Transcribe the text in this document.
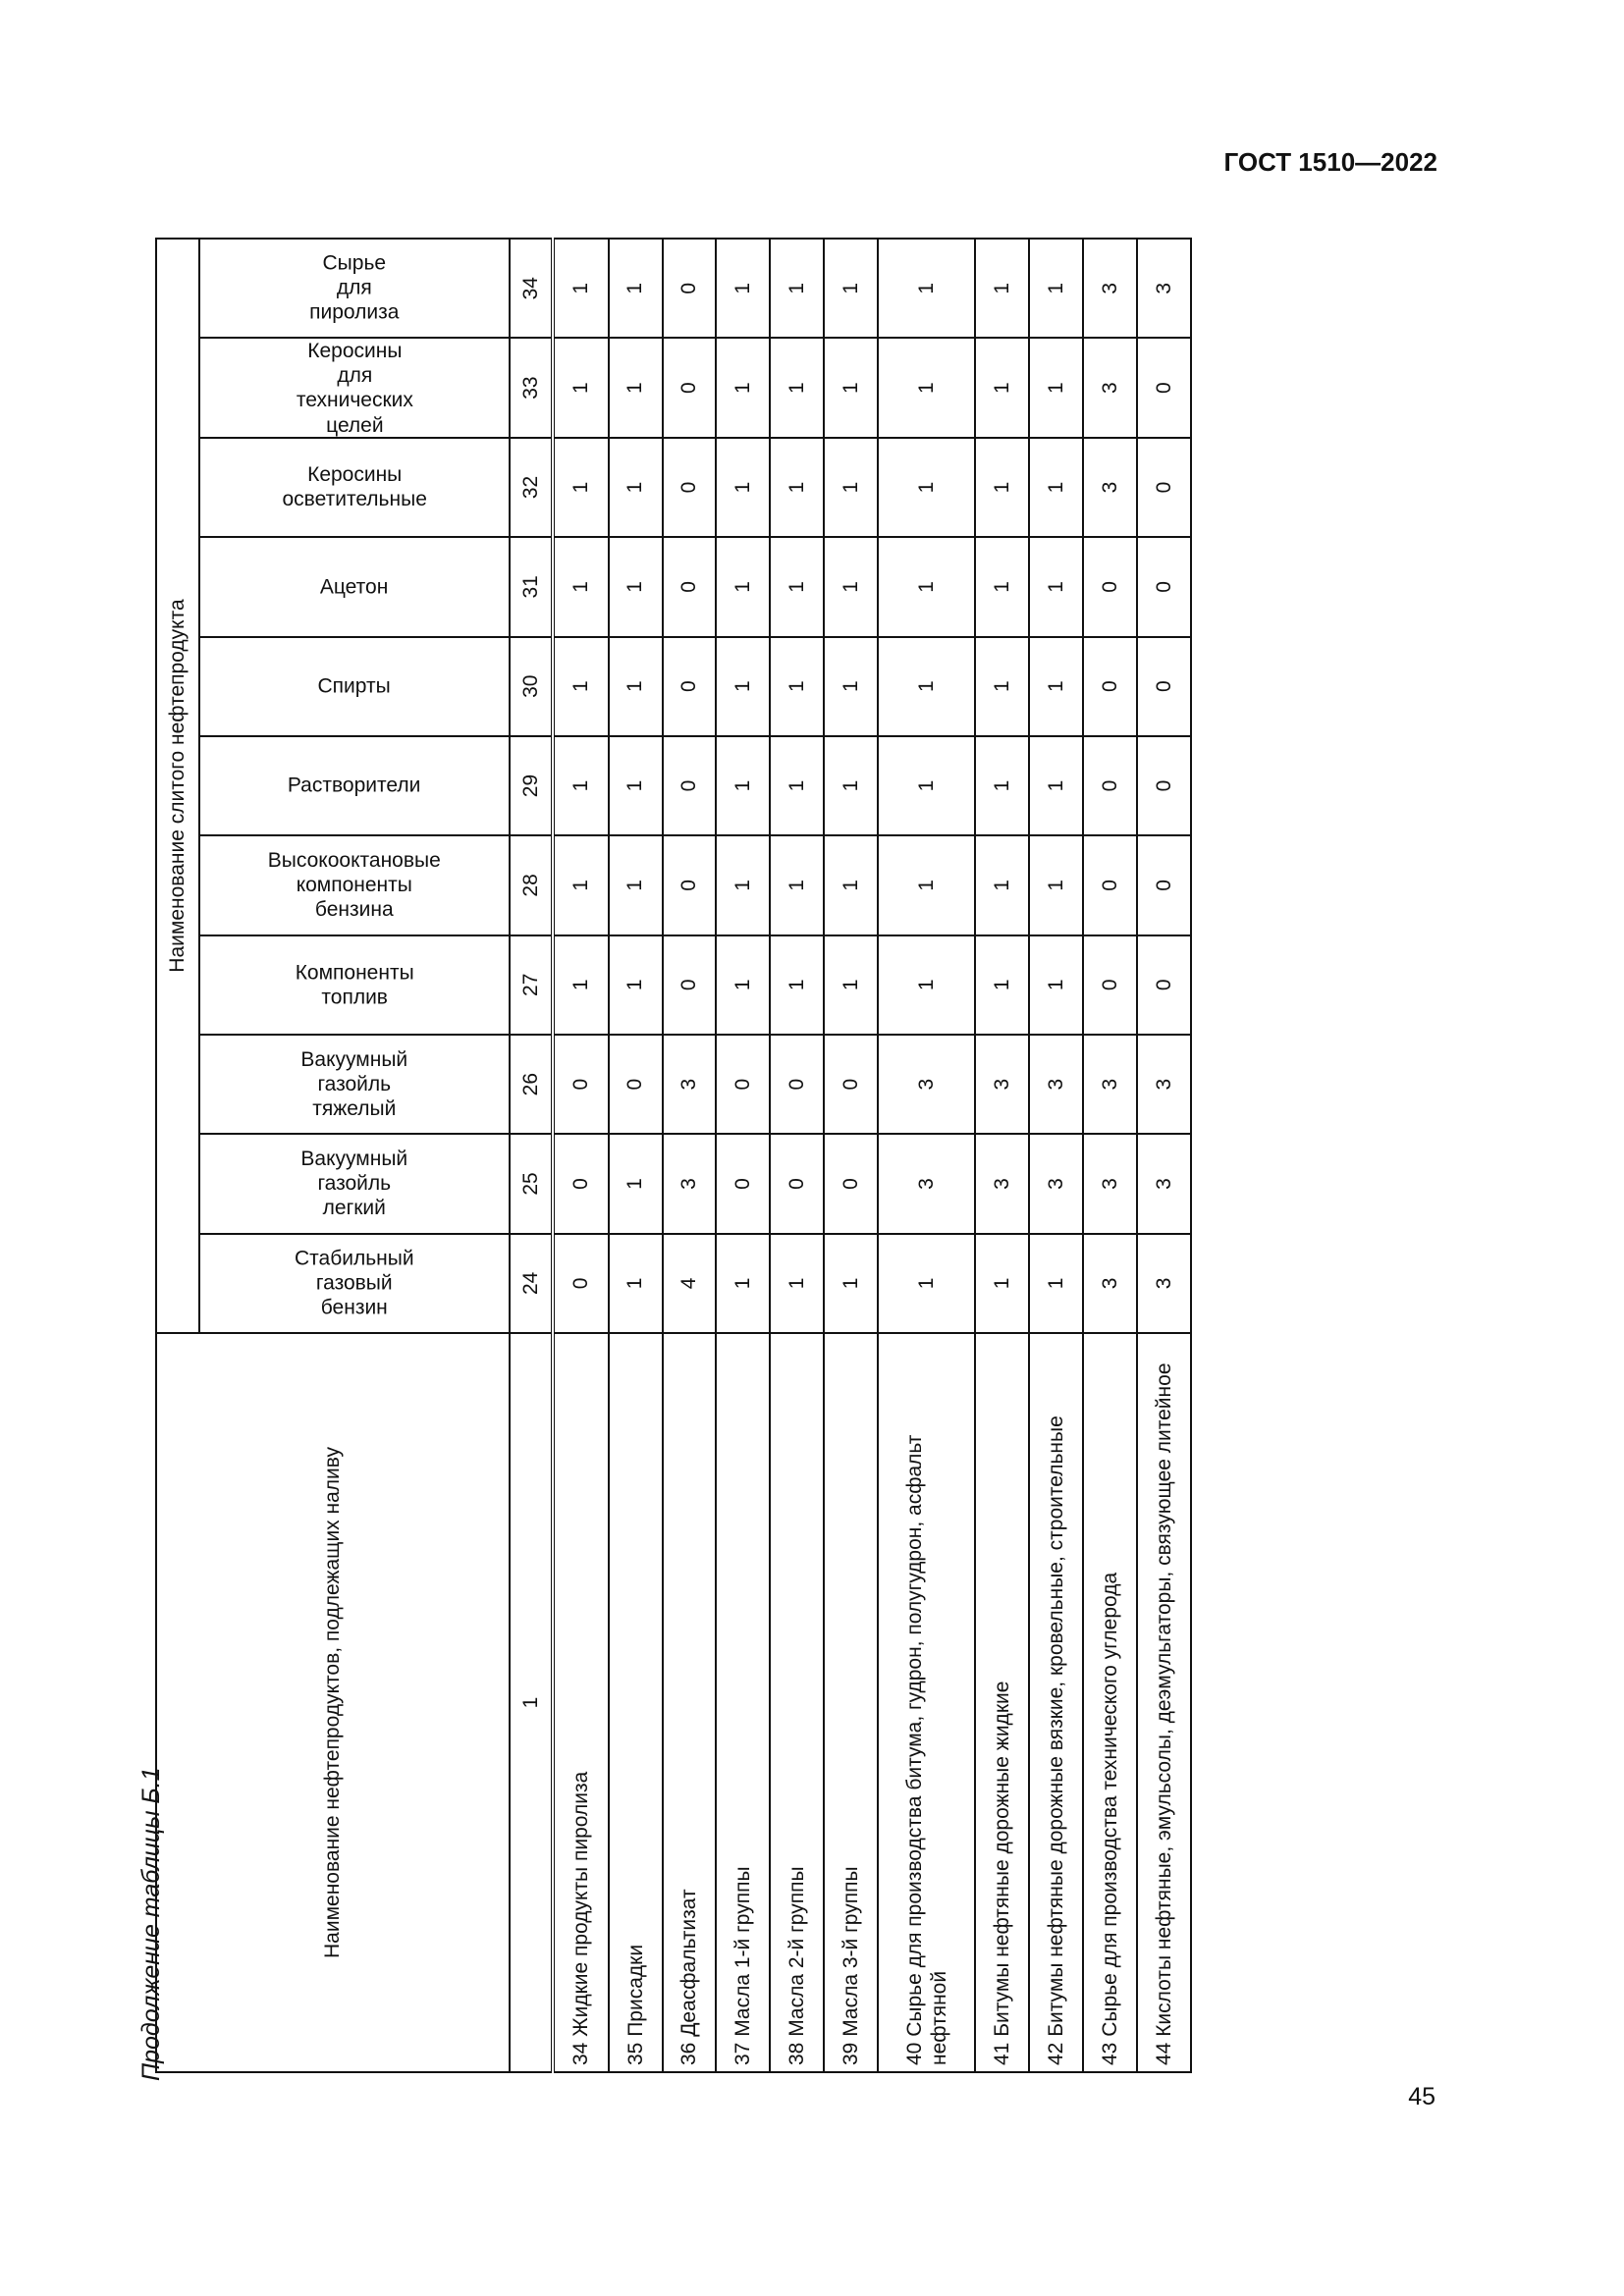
ГОСТ 1510—2022
Продолжение таблицы Б.1
45
Наименование нефтепродуктов, подлежащих наливу	Наименование слитого нефтепродукта										

	Стабильный газовый бензин	Вакуумный газойль легкий	Вакуумный газойль тяжелый	Компоненты топлив	Высокооктановые компоненты бензина	Растворители	Спирты	Ацетон	Керосины осветительные	Керосины для технических целей	Сырье для пиролиза

1	24	25	26	27	28	29	30	31	32	33	34
34 Жидкие продукты пиролиза	0	0	0	1	1	1	1	1	1	1	1
35 Присадки	1	1	0	1	1	1	1	1	1	1	1
36 Деасфальтизат	4	3	3	0	0	0	0	0	0	0	0
37 Масла 1-й группы	1	0	0	1	1	1	1	1	1	1	1
38 Масла 2-й группы	1	0	0	1	1	1	1	1	1	1	1
39 Масла 3-й группы	1	0	0	1	1	1	1	1	1	1	1
40 Сырье для производства битума, гудрон, полугудрон, асфальт нефтяной	1	3	3	1	1	1	1	1	1	1	1
41 Битумы нефтяные дорожные жидкие	1	3	3	1	1	1	1	1	1	1	1
42 Битумы нефтяные дорожные вязкие, кровельные, строительные	1	3	3	1	1	1	1	1	1	1	1
43 Сырье для производства технического углерода	3	3	3	0	0	0	0	0	3	3	3
44 Кислоты нефтяные, эмульсолы, деэмульгаторы, связующее литейное	3	3	3	0	0	0	0	0	0	0	3
